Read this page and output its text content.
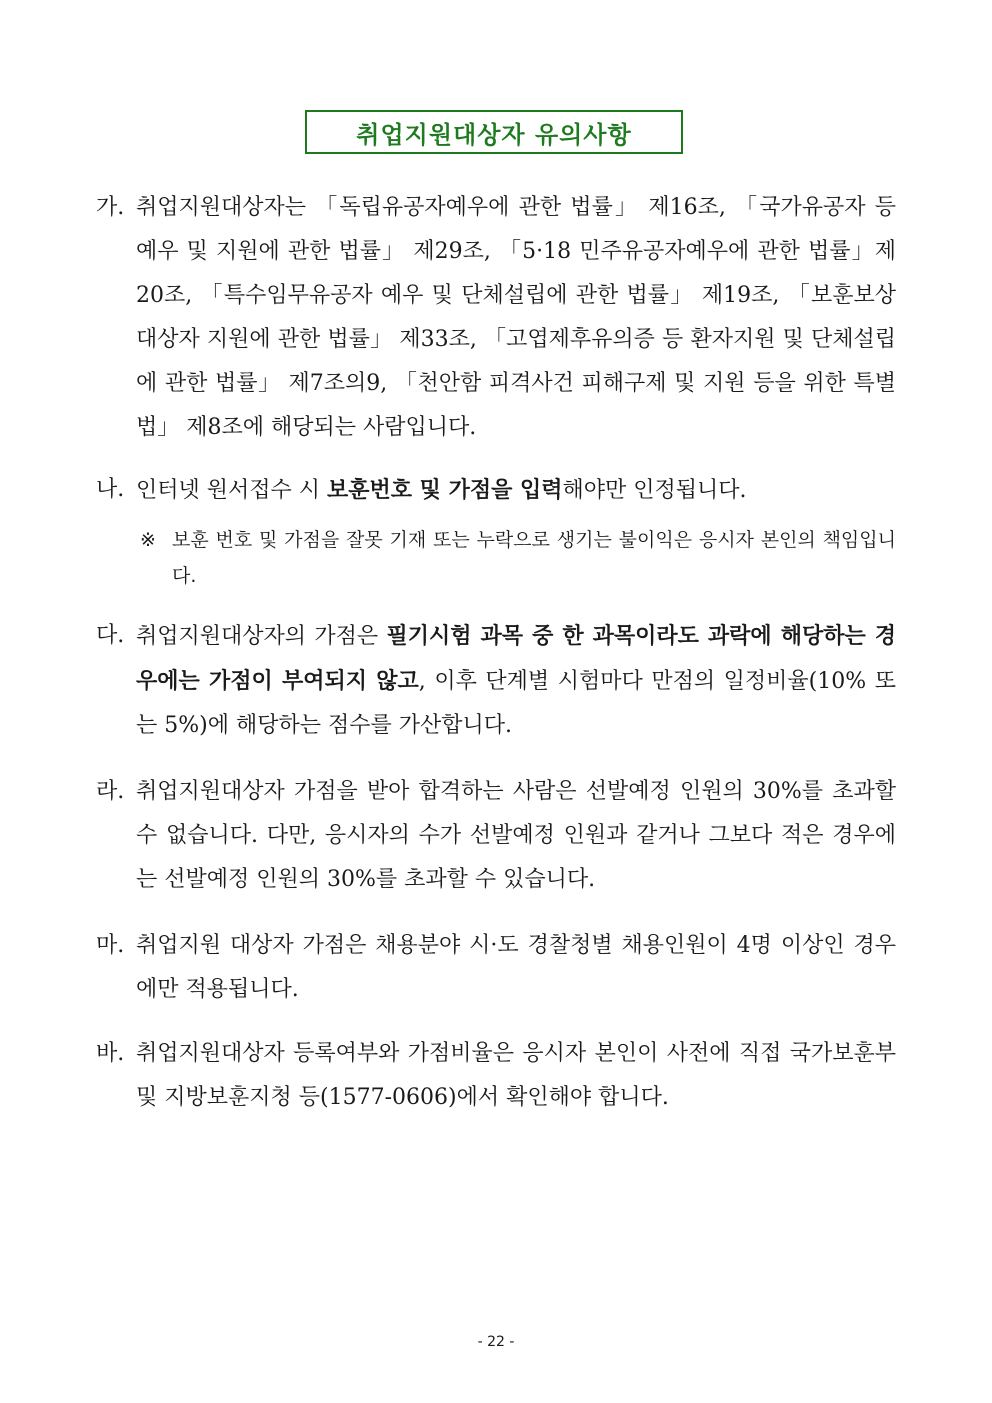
취업지원대상자 유의사항
가. 취업지원대상자는 「독립유공자예우에 관한 법률」 제16조, 「국가유공자 등 예우 및 지원에 관한 법률」 제29조, 「5·18 민주유공자예우에 관한 법률」제20조, 「특수임무유공자 예우 및 단체설립에 관한 법률」 제19조, 「보훈보상대상자 지원에 관한 법률」 제33조, 「고엽제후유의증 등 환자지원 및 단체설립에 관한 법률」 제7조의9, 「천안함 피격사건 피해구제 및 지원 등을 위한 특별법」 제8조에 해당되는 사람입니다.
나. 인터넷 원서접수 시 보훈번호 및 가점을 입력해야만 인정됩니다.
※ 보훈 번호 및 가점을 잘못 기재 또는 누락으로 생기는 불이익은 응시자 본인의 책임입니다.
다. 취업지원대상자의 가점은 필기시험 과목 중 한 과목이라도 과락에 해당하는 경우에는 가점이 부여되지 않고, 이후 단계별 시험마다 만점의 일정비율(10% 또는 5%)에 해당하는 점수를 가산합니다.
라. 취업지원대상자 가점을 받아 합격하는 사람은 선발예정 인원의 30%를 초과할 수 없습니다. 다만, 응시자의 수가 선발예정 인원과 같거나 그보다 적은 경우에는 선발예정 인원의 30%를 초과할 수 있습니다.
마. 취업지원 대상자 가점은 채용분야 시·도 경찰청별 채용인원이 4명 이상인 경우에만 적용됩니다.
바. 취업지원대상자 등록여부와 가점비율은 응시자 본인이 사전에 직접 국가보훈부 및 지방보훈지청 등(1577-0606)에서 확인해야 합니다.
- 22 -
